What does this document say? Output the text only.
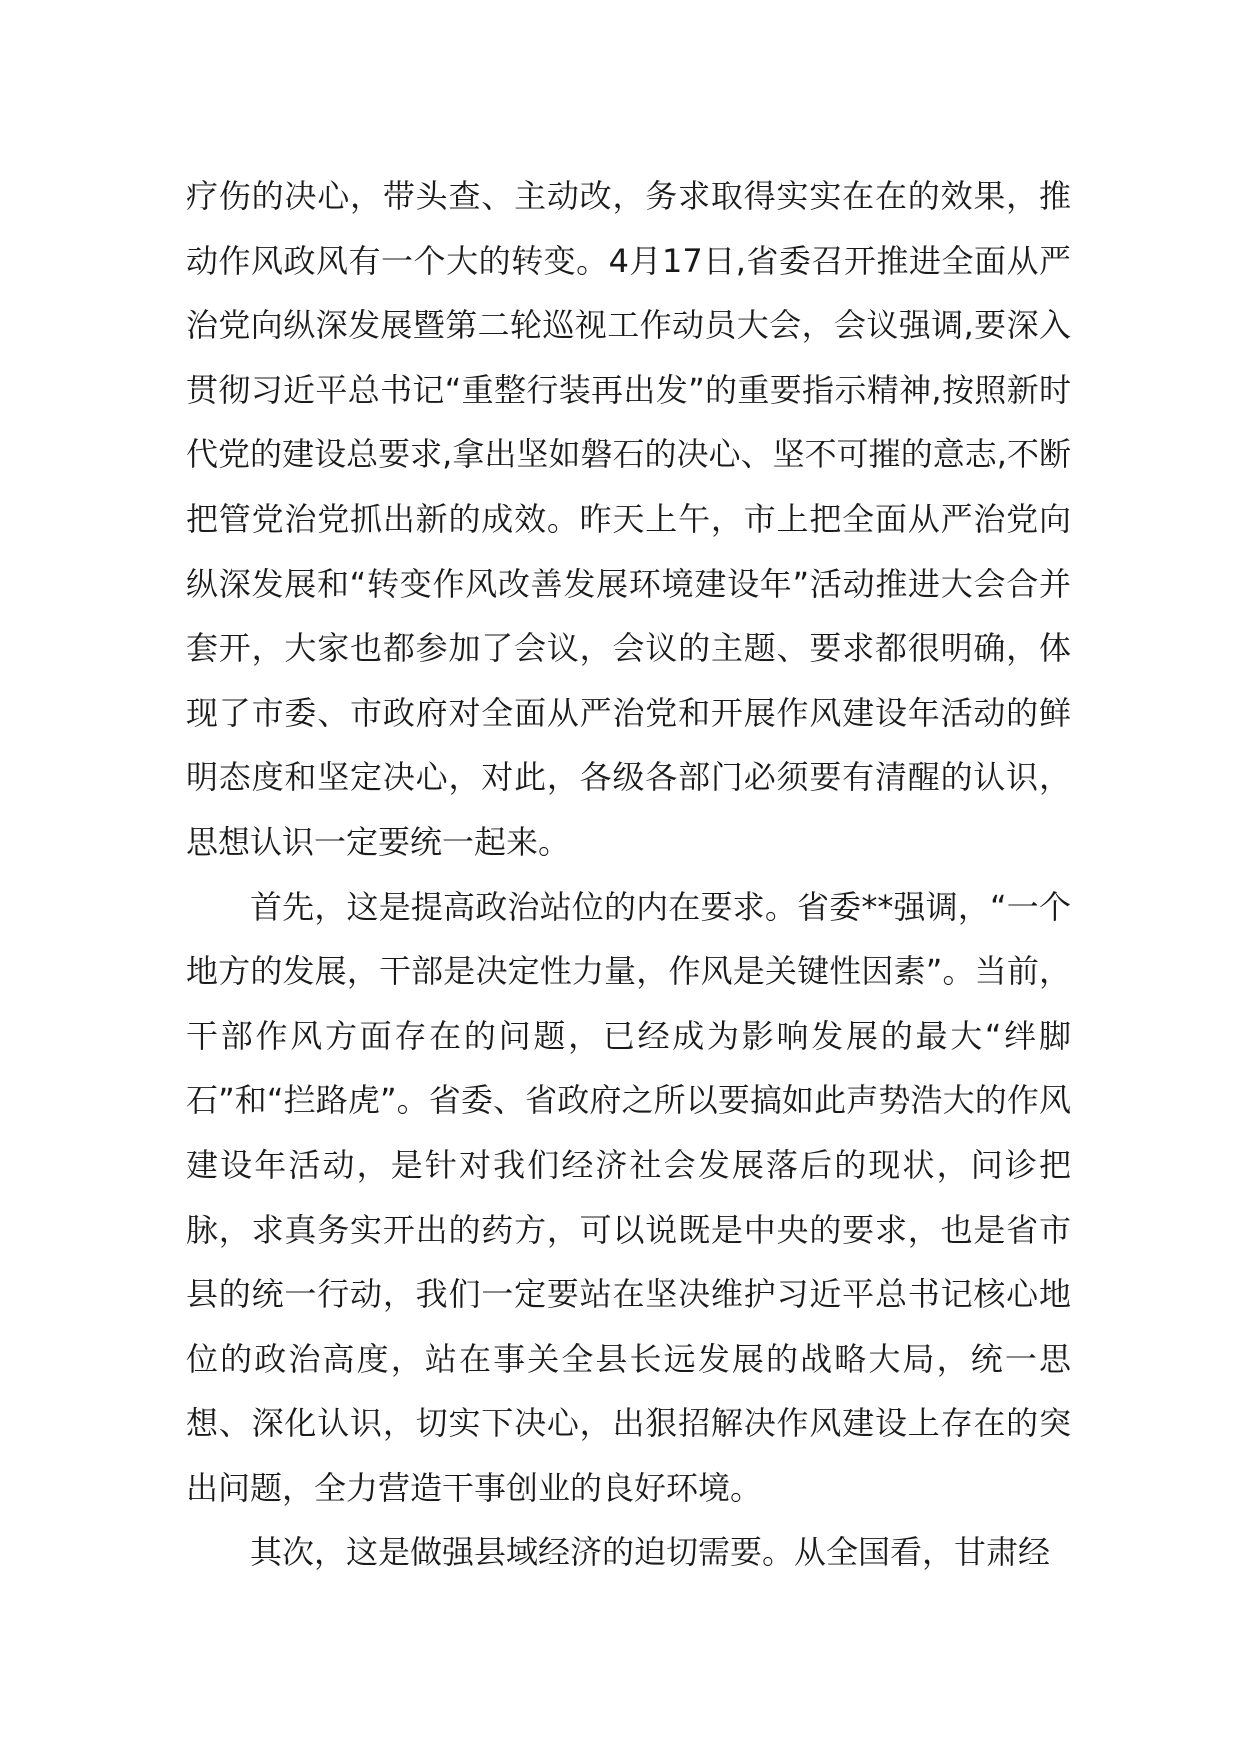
疗伤的决心，带头查、主动改，务求取得实实在在的效果，推动作风政风有一个大的转变。4月17日,省委召开推进全面从严治党向纵深发展暨第二轮巡视工作动员大会，会议强调,要深入贯彻习近平总书记“重整行装再出发”的重要指示精神,按照新时代党的建设总要求,拿出坚如磐石的决心、坚不可摧的意志,不断把管党治党抓出新的成效。昨天上午，市上把全面从严治党向纵深发展和“转变作风改善发展环境建设年”活动推进大会合并套开，大家也都参加了会议，会议的主题、要求都很明确，体现了市委、市政府对全面从严治党和开展作风建设年活动的鲜明态度和坚定决心，对此，各级各部门必须要有清醒的认识，思想认识一定要统一起来。

首先，这是提高政治站位的内在要求。省委**强调，“一个地方的发展，干部是决定性力量，作风是关键性因素”。当前，干部作风方面存在的问题，已经成为影响发展的最大“绊脚石”和“拦路虎”。省委、省政府之所以要搞如此声势浩大的作风建设年活动，是针对我们经济社会发展落后的现状，问诊把脉，求真务实开出的药方，可以说既是中央的要求，也是省市县的统一行动，我们一定要站在坚决维护习近平总书记核心地位的政治高度，站在事关全县长远发展的战略大局，统一思想、深化认识，切实下决心，出狠招解决作风建设上存在的突出问题，全力营造干事创业的良好环境。

其次，这是做强县域经济的迫切需要。从全国看，甘肃经
